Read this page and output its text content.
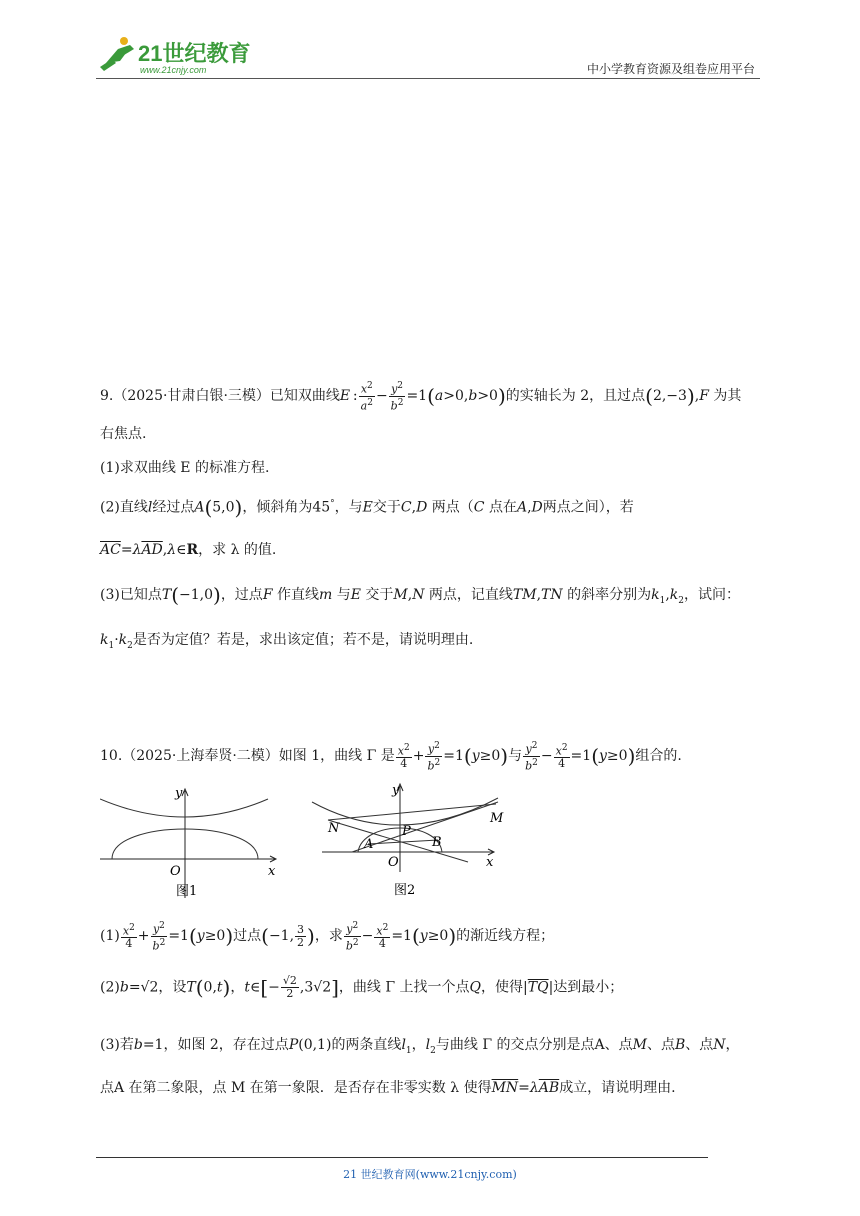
21世纪教育
www.21cnjy.com	中小学教育资源及组卷应用平台
9.（2025·甘肃白银·三模）已知双曲线E : $\frac{x^2}{a^2} - \frac{y^2}{b^2} =1(a>0,b>0)$的实轴长为 2，且过点(2,−3),F 为其
右焦点.
(1)求双曲线 E 的标准方程.
(2)直线l经过点A(5,0)，倾斜角为45°，与E交于C,D 两点（C 点在A,D两点之间），若
$\overline{AC}=\lambda\overline{AD},\lambda\in R$，求 λ 的值.
(3)已知点T(−1,0)，过点F 作直线m 与E 交于M,N 两点，记直线TM,TN 的斜率分别为$k_1,k_2$，试问：
$k_1\cdot k_2$是否为定值？若是，求出该定值；若不是，请说明理由.
10.（2025·上海奉贤·二模）如图 1，曲线 Γ 是 $\frac{x^2}{4} + \frac{y^2}{b^2} =1(y\ge 0)$与 $\frac{y^2}{b^2} - \frac{x^2}{4} =1(y\ge 0)$组合的.
y
O	x
图1
M
N	P
A	B
y
O	x
图2
$(1) \frac{x^2}{4} + \frac{y^2}{b^2} =1(y\ge 0)$过点(−1, $\frac{3}{2}$ )，求 $\frac{y^2}{b^2} - \frac{x^2}{4} =1(y\ge 0)$的渐近线方程；
(2)b=√2，设T(0,t)，t∈[− $\frac{√2}{2} ,3√2$]，曲线 Γ 上找一个点Q，使得$|\overline{TQ}|$达到最小；
(3)若b=1，如图 2，存在过点P(0,1)的两条直线$l_1$，$l_2$与曲线 Γ 的交点分别是点A、点M、点B、点N，
点A 在第二象限，点 M 在第一象限．是否存在非零实数 λ 使得$\overline{MN}=\lambda\overline{AB}$成立，请说明理由.
21 世纪教育网(www.21cnjy.com)
